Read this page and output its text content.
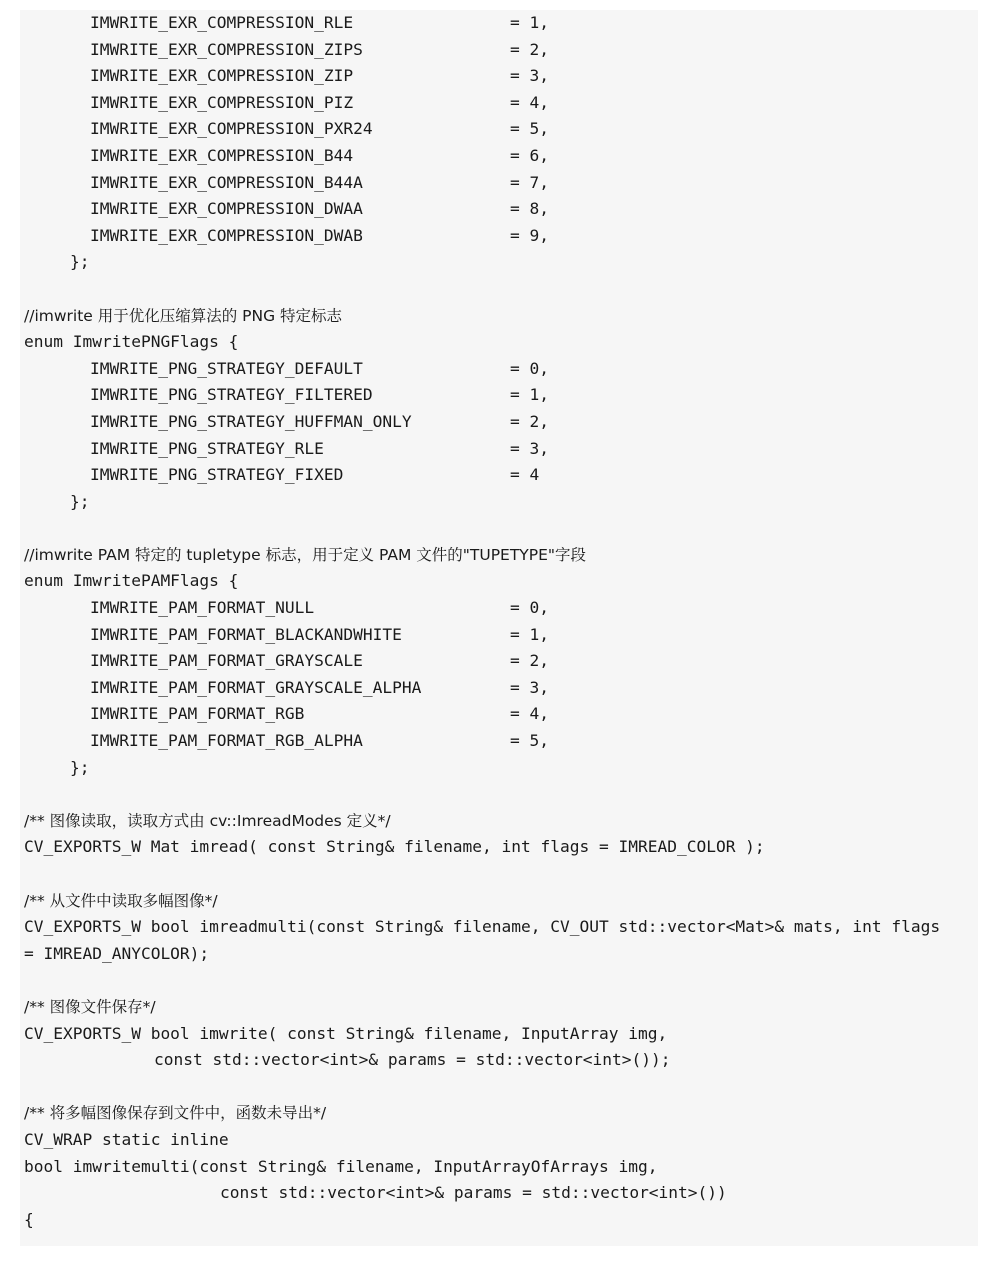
IMWRITE_EXR_COMPRESSION_RLE	= 1,
IMWRITE_EXR_COMPRESSION_ZIPS	= 2,
IMWRITE_EXR_COMPRESSION_ZIP	= 3,
IMWRITE_EXR_COMPRESSION_PIZ	= 4,
IMWRITE_EXR_COMPRESSION_PXR24	= 5,
IMWRITE_EXR_COMPRESSION_B44	= 6,
IMWRITE_EXR_COMPRESSION_B44A	= 7,
IMWRITE_EXR_COMPRESSION_DWAA	= 8,
IMWRITE_EXR_COMPRESSION_DWAB	= 9,
};
//imwrite 用于优化压缩算法的 PNG 特定标志
enum ImwritePNGFlags {
IMWRITE_PNG_STRATEGY_DEFAULT	= 0,
IMWRITE_PNG_STRATEGY_FILTERED	= 1,
IMWRITE_PNG_STRATEGY_HUFFMAN_ONLY	= 2,
IMWRITE_PNG_STRATEGY_RLE	= 3,
IMWRITE_PNG_STRATEGY_FIXED	= 4
};
//imwrite PAM 特定的 tupletype 标志，用于定义 PAM 文件的"TUPETYPE"字段
enum ImwritePAMFlags {
IMWRITE_PAM_FORMAT_NULL	= 0,
IMWRITE_PAM_FORMAT_BLACKANDWHITE	= 1,
IMWRITE_PAM_FORMAT_GRAYSCALE	= 2,
IMWRITE_PAM_FORMAT_GRAYSCALE_ALPHA	= 3,
IMWRITE_PAM_FORMAT_RGB	= 4,
IMWRITE_PAM_FORMAT_RGB_ALPHA	= 5,
};
/** 图像读取，读取方式由 cv::ImreadModes 定义*/
CV_EXPORTS_W Mat imread( const String& filename, int flags = IMREAD_COLOR );
/** 从文件中读取多幅图像*/
CV_EXPORTS_W bool imreadmulti(const String& filename, CV_OUT std::vector<Mat>& mats, int flags
= IMREAD_ANYCOLOR);
/** 图像文件保存*/
CV_EXPORTS_W bool imwrite( const String& filename, InputArray img,
const std::vector<int>& params = std::vector<int>());
/** 将多幅图像保存到文件中，函数未导出*/
CV_WRAP static inline
bool imwritemulti(const String& filename, InputArrayOfArrays img,
const std::vector<int>& params = std::vector<int>())
{
